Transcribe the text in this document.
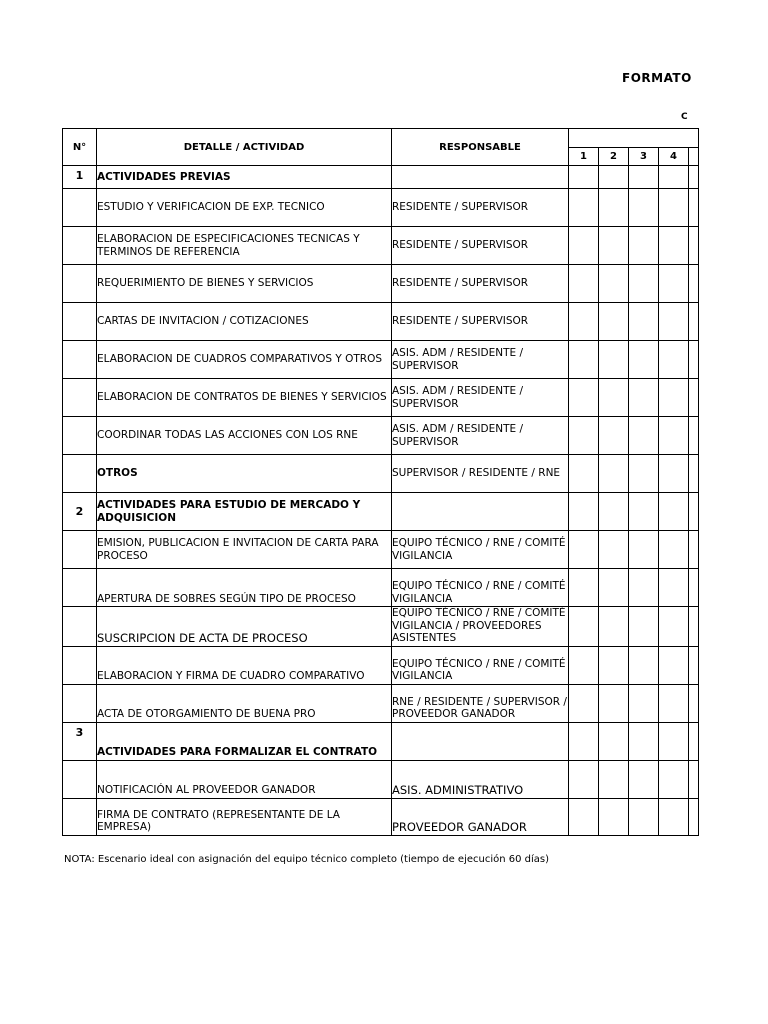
FORMATO
C
N°	DETALLE / ACTIVIDAD	RESPONSABLE					
			1	2	3	4	
1	ACTIVIDADES PREVIAS						
	ESTUDIO Y VERIFICACION DE EXP. TECNICO	RESIDENTE / SUPERVISOR					
	ELABORACION DE ESPECIFICACIONES TECNICAS Y TERMINOS DE REFERENCIA	RESIDENTE / SUPERVISOR					
	REQUERIMIENTO DE BIENES Y SERVICIOS	RESIDENTE / SUPERVISOR					
	CARTAS DE INVITACION / COTIZACIONES	RESIDENTE / SUPERVISOR					
	ELABORACION DE CUADROS COMPARATIVOS Y OTROS	ASIS. ADM / RESIDENTE / SUPERVISOR					
	ELABORACION DE CONTRATOS DE BIENES Y SERVICIOS	ASIS. ADM / RESIDENTE / SUPERVISOR					
	COORDINAR TODAS LAS ACCIONES CON LOS RNE	ASIS. ADM / RESIDENTE / SUPERVISOR					
	OTROS	SUPERVISOR / RESIDENTE / RNE					
2	ACTIVIDADES PARA ESTUDIO DE MERCADO Y ADQUISICION						
	EMISION, PUBLICACION E INVITACION DE CARTA PARA PROCESO	EQUIPO TÉCNICO / RNE / COMITÉ VIGILANCIA					
	APERTURA DE SOBRES SEGÚN TIPO DE PROCESO	EQUIPO TÉCNICO / RNE / COMITÉ VIGILANCIA					
	SUSCRIPCION DE ACTA DE PROCESO	EQUIPO TÉCNICO / RNE / COMITÉ VIGILANCIA / PROVEEDORES ASISTENTES					
	ELABORACION Y FIRMA DE CUADRO COMPARATIVO	EQUIPO TÉCNICO / RNE / COMITÉ VIGILANCIA					
	ACTA DE OTORGAMIENTO DE BUENA PRO	RNE / RESIDENTE / SUPERVISOR / PROVEEDOR GANADOR					
3	ACTIVIDADES PARA FORMALIZAR EL CONTRATO						
	NOTIFICACIÓN AL PROVEEDOR GANADOR	ASIS. ADMINISTRATIVO					
	FIRMA DE CONTRATO (REPRESENTANTE DE LA EMPRESA)	PROVEEDOR GANADOR					
NOTA: Escenario ideal con asignación del equipo técnico completo (tiempo de ejecución 60 días)
